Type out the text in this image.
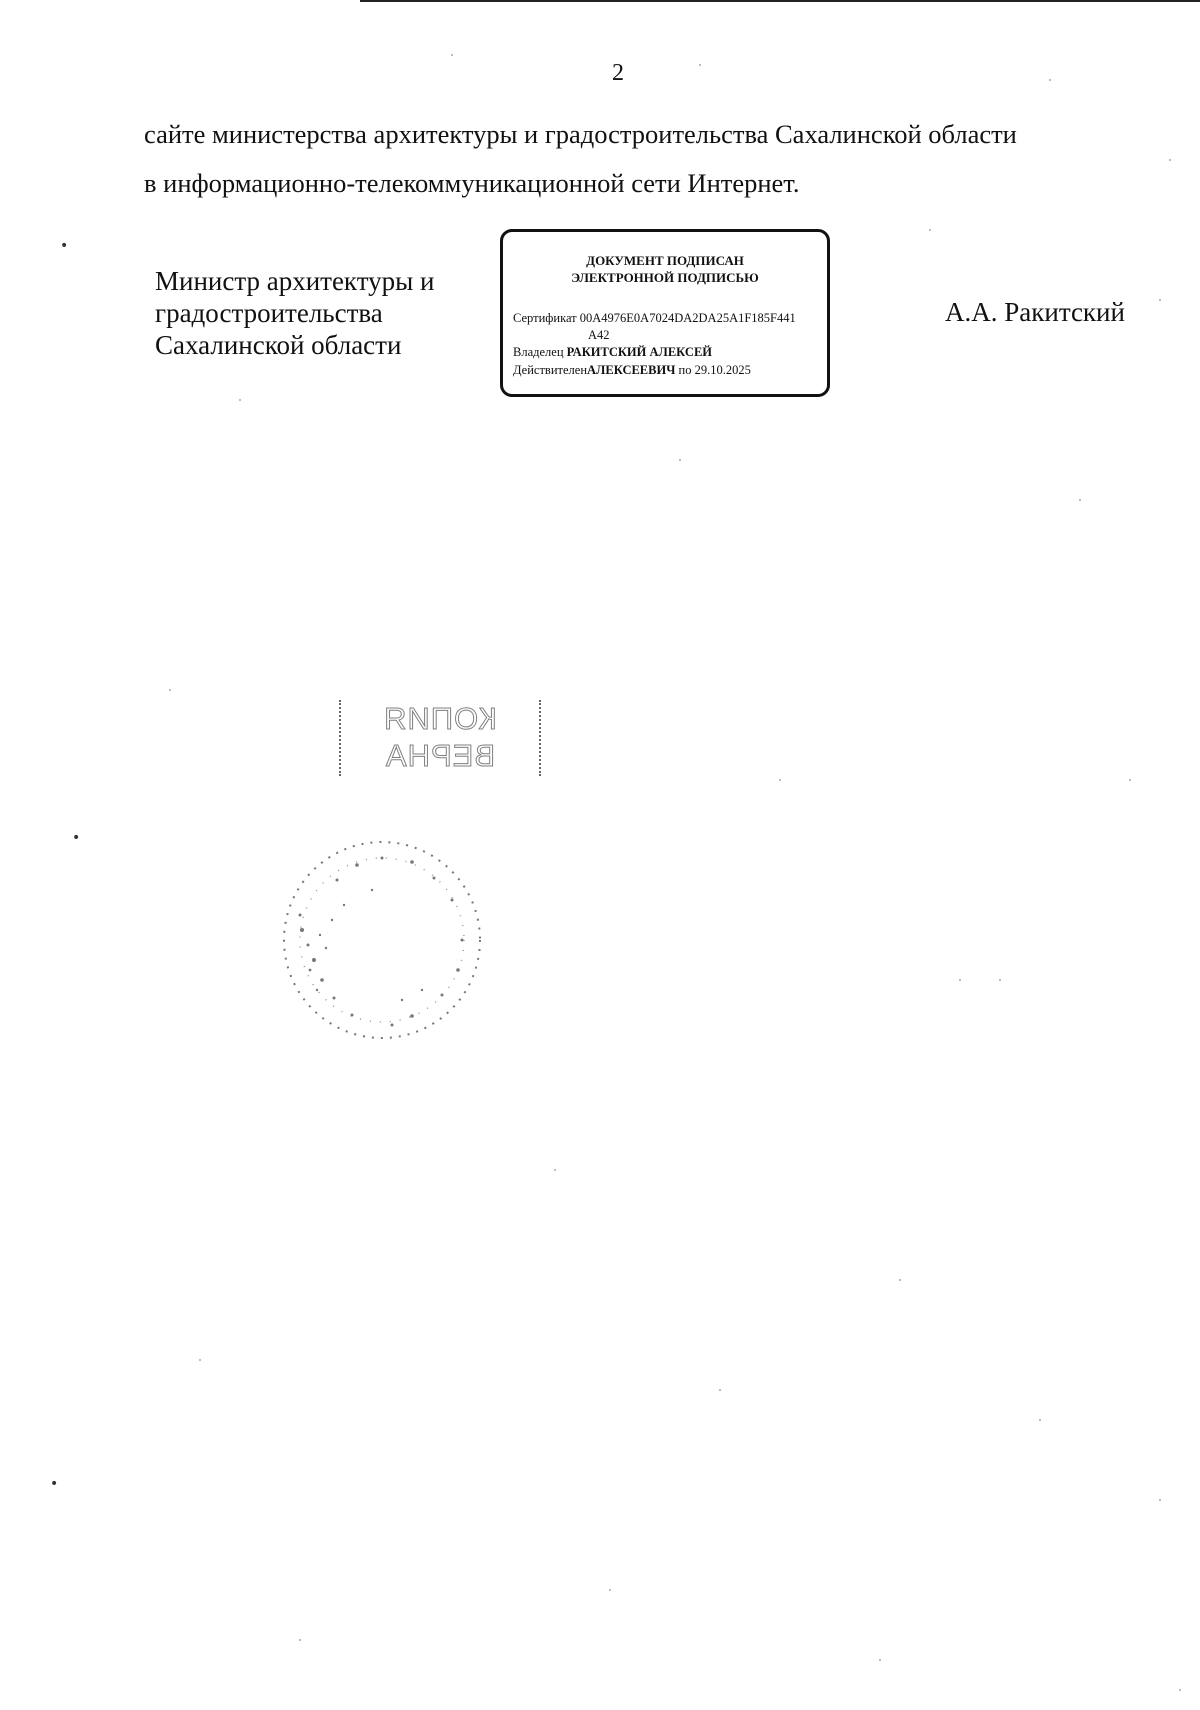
2

сайте министерства архитектуры и градостроительства Сахалинской области

в информационно-телекоммуникационной сети Интернет.

Министр архитектуры и
градостроительства
Сахалинской области
ДОКУМЕНТ ПОДПИСАН
ЭЛЕКТРОННОЙ ПОДПИСЬЮ
Сертификат 00A4976E0A7024DA2DA25A1F185F441
A42
Владелец РАКИТСКИЙ АЛЕКСЕЙ
ДействителенАЛЕКСЕЕВИЧ по 29.10.2025
А.А. Ракитский
КОПИЯ
ВЕРНА
•
•
•
